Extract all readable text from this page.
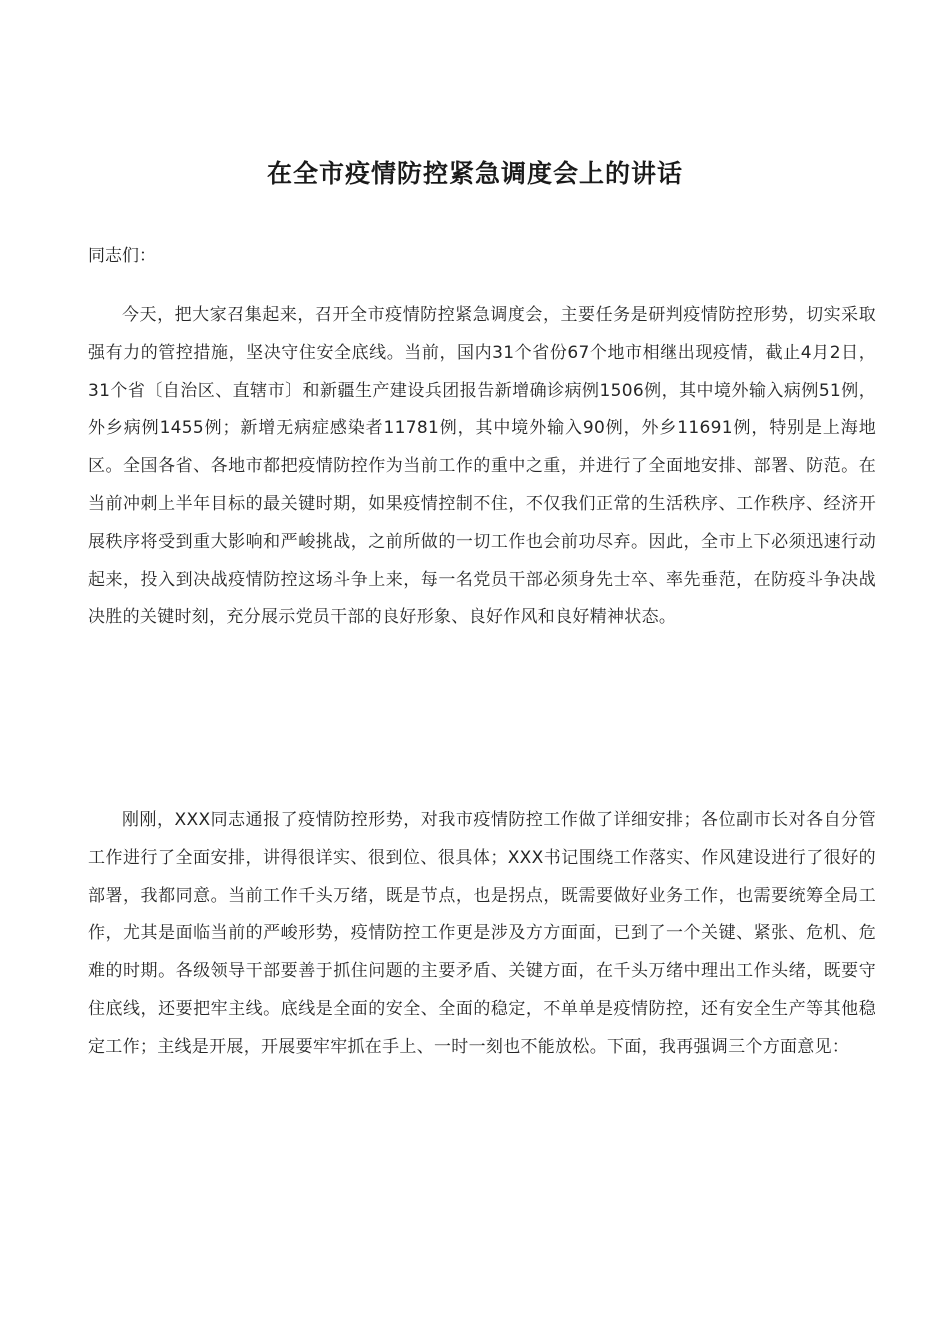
在全市疫情防控紧急调度会上的讲话

同志们：

今天，把大家召集起来，召开全市疫情防控紧急调度会，主要任务是研判疫情防控形势，切实采取强有力的管控措施，坚决守住安全底线。当前，国内31个省份67个地市相继出现疫情，截止4月2日，31个省〔自治区、直辖市〕和新疆生产建设兵团报告新增确诊病例1506例，其中境外输入病例51例，外乡病例1455例；新增无病症感染者11781例，其中境外输入90例，外乡11691例，特别是上海地区。全国各省、各地市都把疫情防控作为当前工作的重中之重，并进行了全面地安排、部署、防范。在当前冲刺上半年目标的最关键时期，如果疫情控制不住，不仅我们正常的生活秩序、工作秩序、经济开展秩序将受到重大影响和严峻挑战，之前所做的一切工作也会前功尽弃。因此，全市上下必须迅速行动起来，投入到决战疫情防控这场斗争上来，每一名党员干部必须身先士卒、率先垂范，在防疫斗争决战决胜的关键时刻，充分展示党员干部的良好形象、良好作风和良好精神状态。

刚刚，XXX同志通报了疫情防控形势，对我市疫情防控工作做了详细安排；各位副市长对各自分管工作进行了全面安排，讲得很详实、很到位、很具体；XXX书记围绕工作落实、作风建设进行了很好的部署，我都同意。当前工作千头万绪，既是节点，也是拐点，既需要做好业务工作，也需要统筹全局工作，尤其是面临当前的严峻形势，疫情防控工作更是涉及方方面面，已到了一个关键、紧张、危机、危难的时期。各级领导干部要善于抓住问题的主要矛盾、关键方面，在千头万绪中理出工作头绪，既要守住底线，还要把牢主线。底线是全面的安全、全面的稳定，不单单是疫情防控，还有安全生产等其他稳定工作；主线是开展，开展要牢牢抓在手上、一时一刻也不能放松。下面，我再强调三个方面意见：
